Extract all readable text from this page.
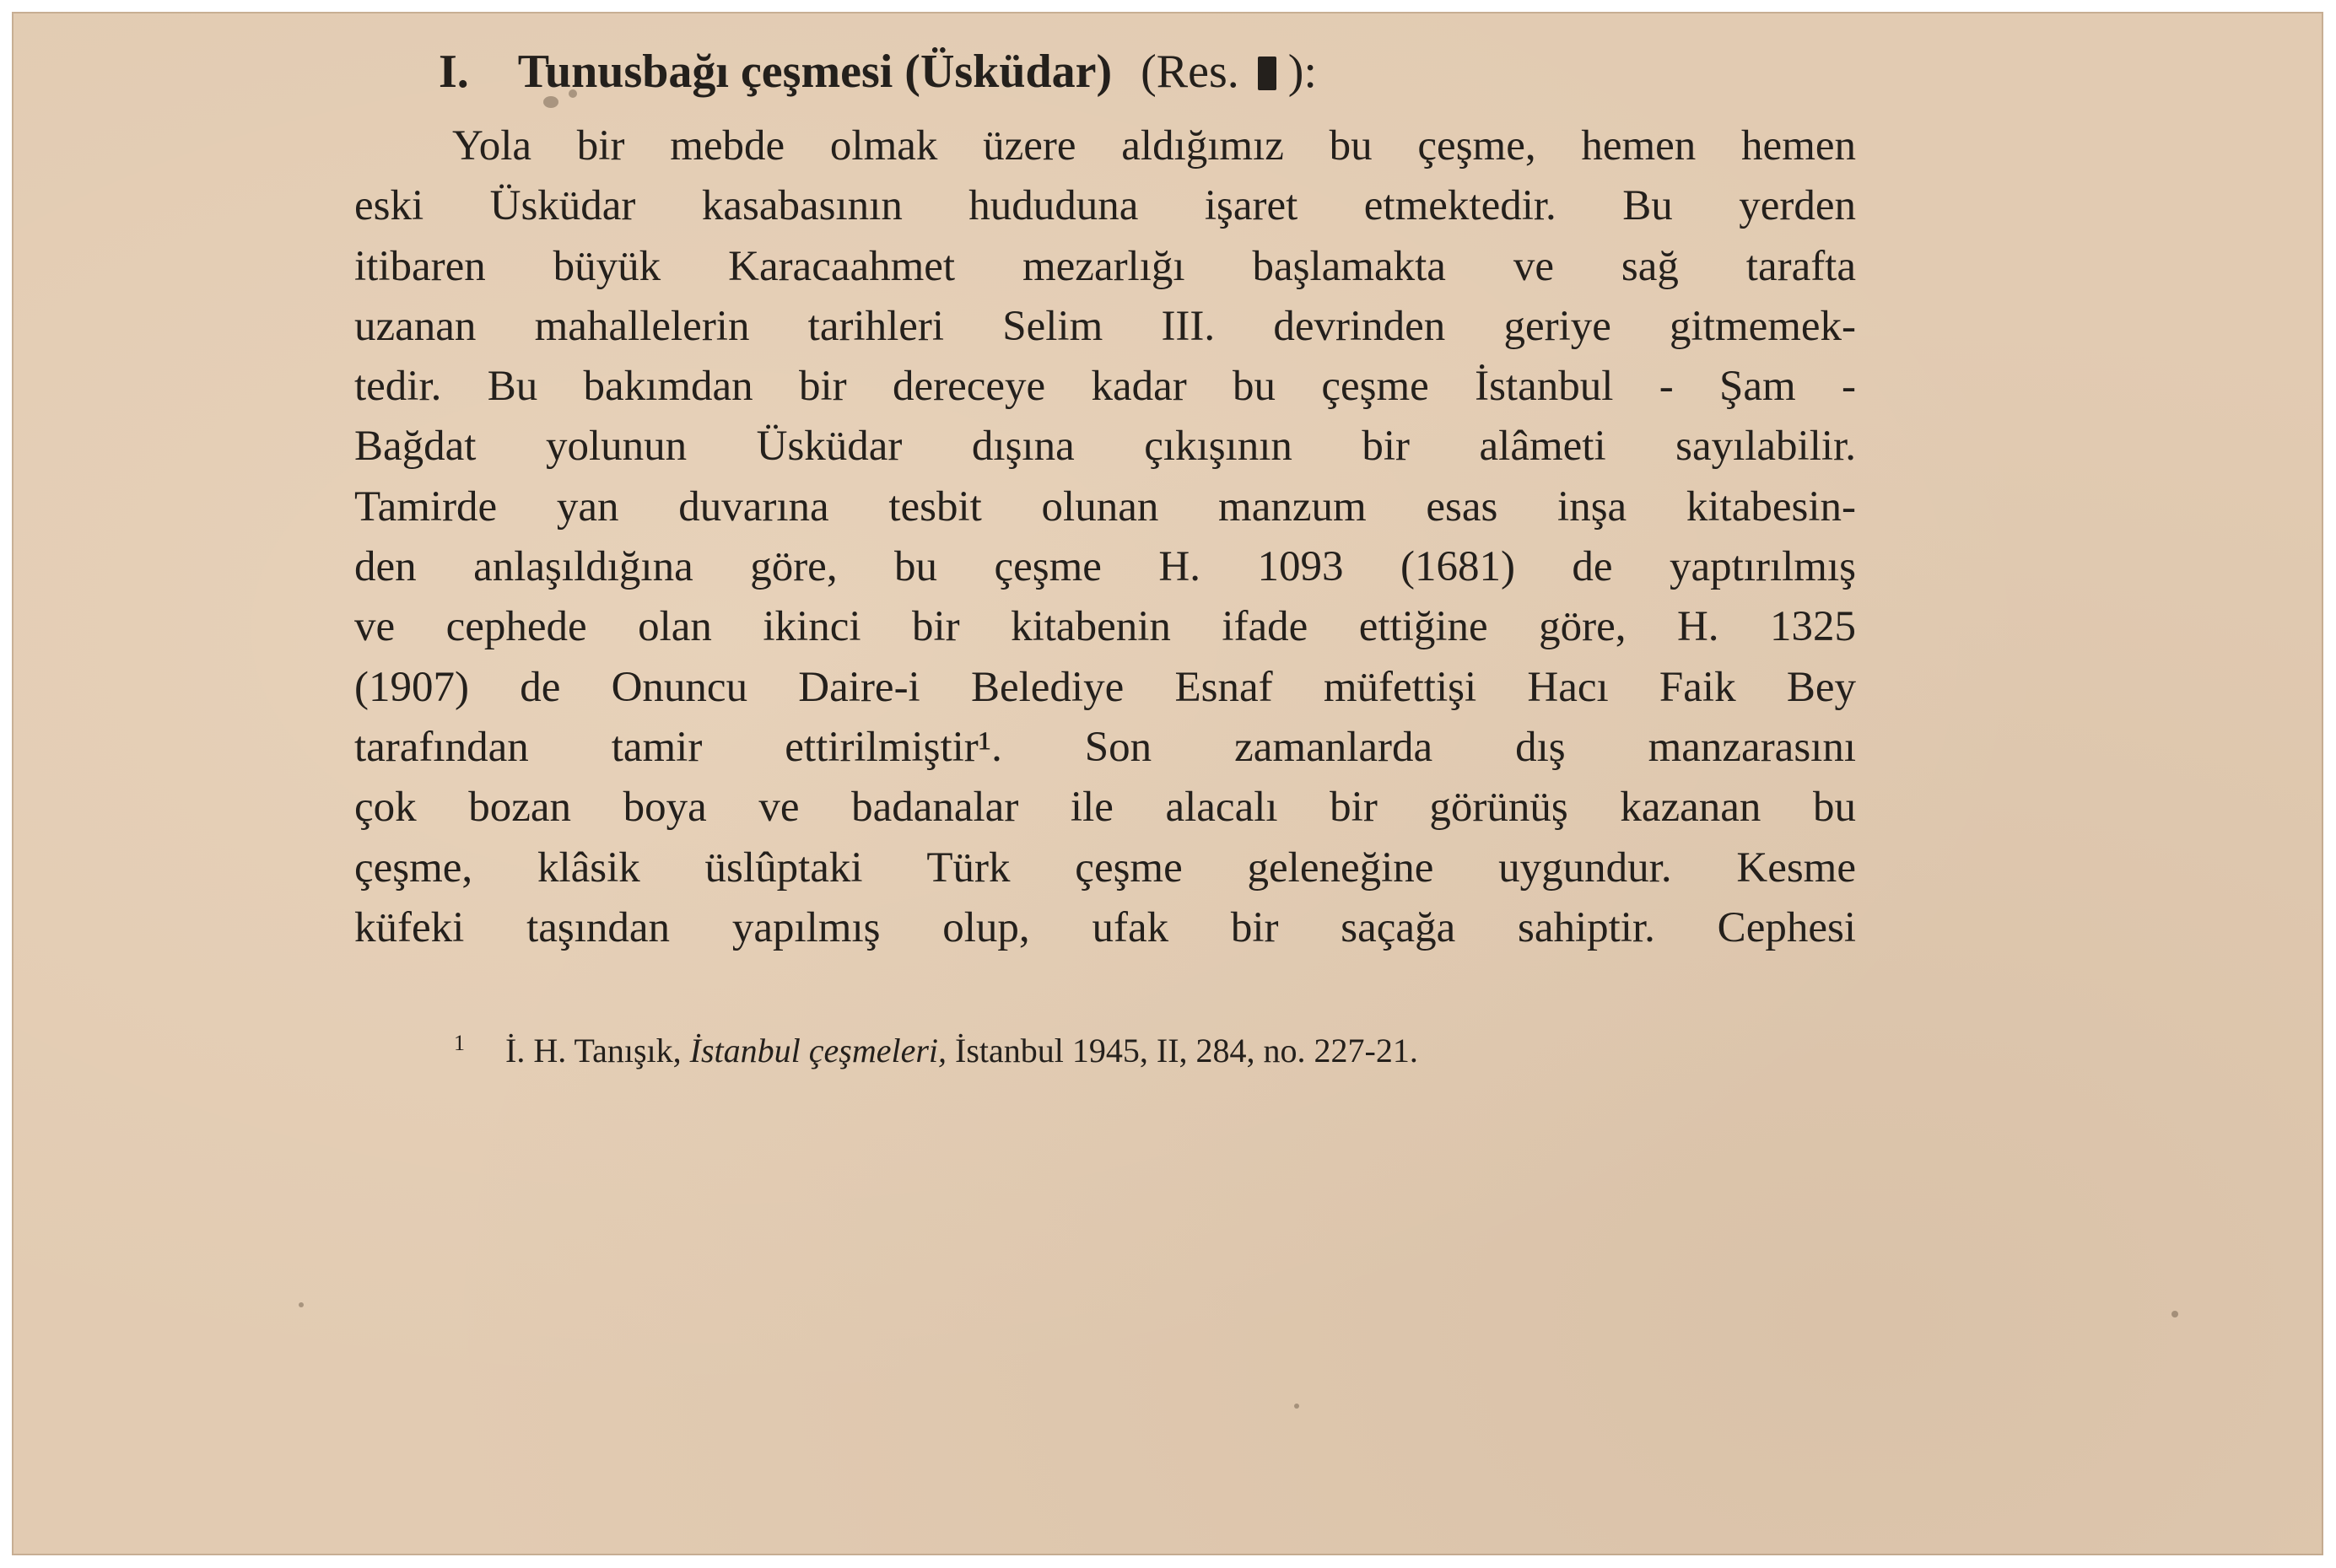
I. Tunusbağı çeşmesi (Üsküdar) (Res. ):
Yola bir mebde olmak üzere aldığımız bu çeşme, hemen hemen
eski Üsküdar kasabasının hududuna işaret etmektedir. Bu yerden
itibaren büyük Karacaahmet mezarlığı başlamakta ve sağ tarafta
uzanan mahallelerin tarihleri Selim III. devrinden geriye gitmemek-
tedir. Bu bakımdan bir dereceye kadar bu çeşme İstanbul - Şam -
Bağdat yolunun Üsküdar dışına çıkışının bir alâmeti sayılabilir.
Tamirde yan duvarına tesbit olunan manzum esas inşa kitabesin-
den anlaşıldığına göre, bu çeşme H. 1093 (1681) de yaptırılmış
ve cephede olan ikinci bir kitabenin ifade ettiğine göre, H. 1325
(1907) de Onuncu Daire-i Belediye Esnaf müfettişi Hacı Faik Bey
tarafından tamir ettirilmiştir¹. Son zamanlarda dış manzarasını
çok bozan boya ve badanalar ile alacalı bir görünüş kazanan bu
çeşme, klâsik üslûptaki Türk çeşme geleneğine uygundur. Kesme
küfeki taşından yapılmış olup, ufak bir saçağa sahiptir. Cephesi
$^1$ İ. H. Tanışık, İstanbul çeşmeleri, İstanbul 1945, II, 284, no. 227-21.
